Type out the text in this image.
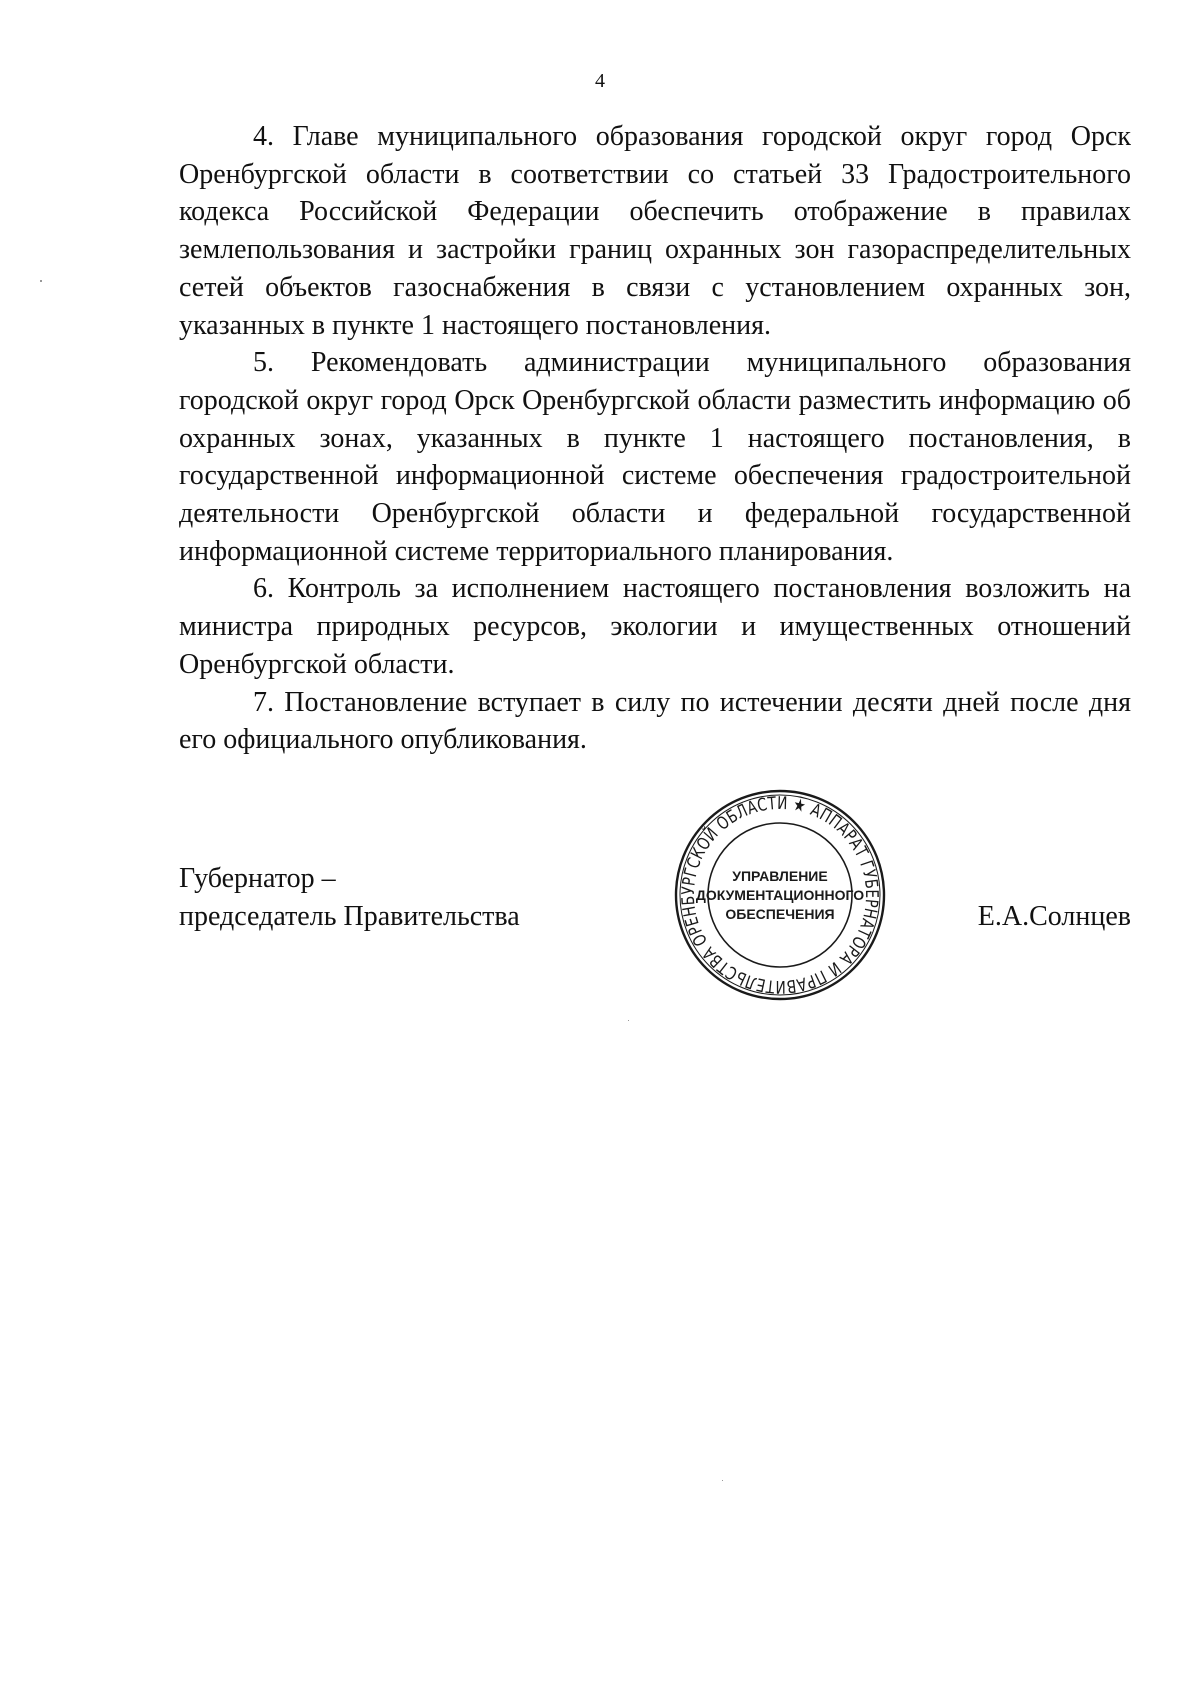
4

4. Главе муниципального образования городской округ город Орск Оренбургской области в соответствии со статьей 33 Градостроительного кодекса Российской Федерации обеспечить отображение в правилах землепользования и застройки границ охранных зон газораспределительных сетей объектов газоснабжения в связи с установлением охранных зон, указанных в пункте 1 настоящего постановления.

5. Рекомендовать администрации муниципального образования городской округ город Орск Оренбургской области разместить информацию об охранных зонах, указанных в пункте 1 настоящего постановления, в государственной информационной системе обеспечения градостроительной деятельности Оренбургской области и федеральной государственной информационной системе территориального планирования.

6. Контроль за исполнением настоящего постановления возложить на министра природных ресурсов, экологии и имущественных отношений Оренбургской области.

7. Постановление вступает в силу по истечении десяти дней после дня его официального опубликования.

Губернатор –
председатель Правительства	Е.А.Солнцев
АППАРАТ ГУБЕРНАТОРА И ПРАВИТЕЛЬСТВА ОРЕНБУРГСКОЙ ОБЛАСТИ ★
УПРАВЛЕНИЕ
ДОКУМЕНТАЦИОННОГО
ОБЕСПЕЧЕНИЯ
